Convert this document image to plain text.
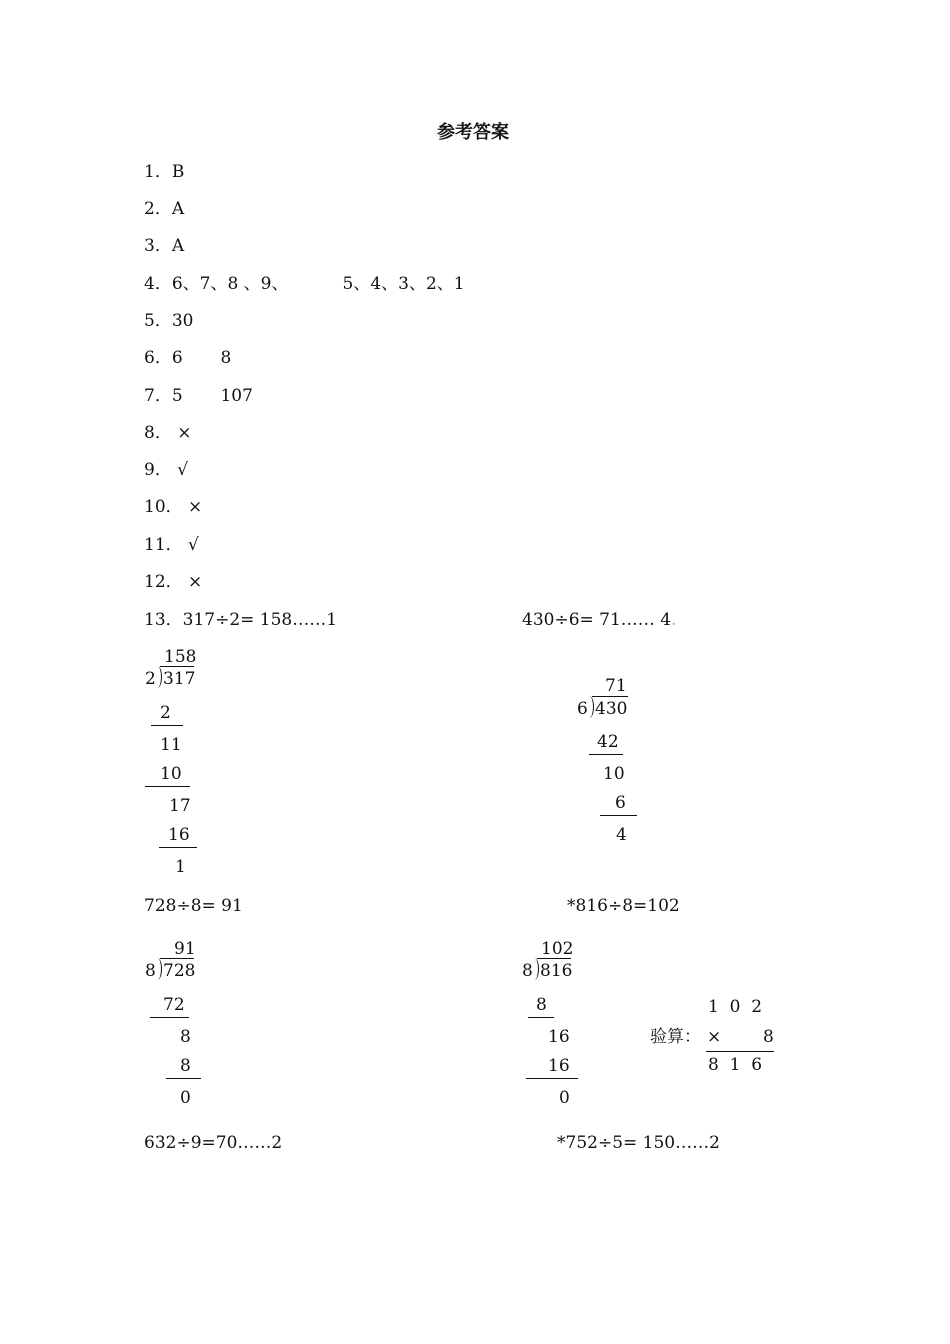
参考答案
1．B
2．A
3．A
4．6、7、8 、9、          5、4、3、2、1
5．30
6．6       8
7．5       107
8． ×
9． √
10． ×
11． √
12． ×
13．317÷2= 158……1	430÷6= 71…… 4.
728÷8= 91	*816÷8=102
632÷9=70……2	*752÷5= 150……2
158
2 317
2
11
10
17
16
1
71
6 430
42
10
6
4
91
8 728
72
8
8
0
102
8 816
8
16
16
0
验算：
1  0  2
× 8
8  1  6
